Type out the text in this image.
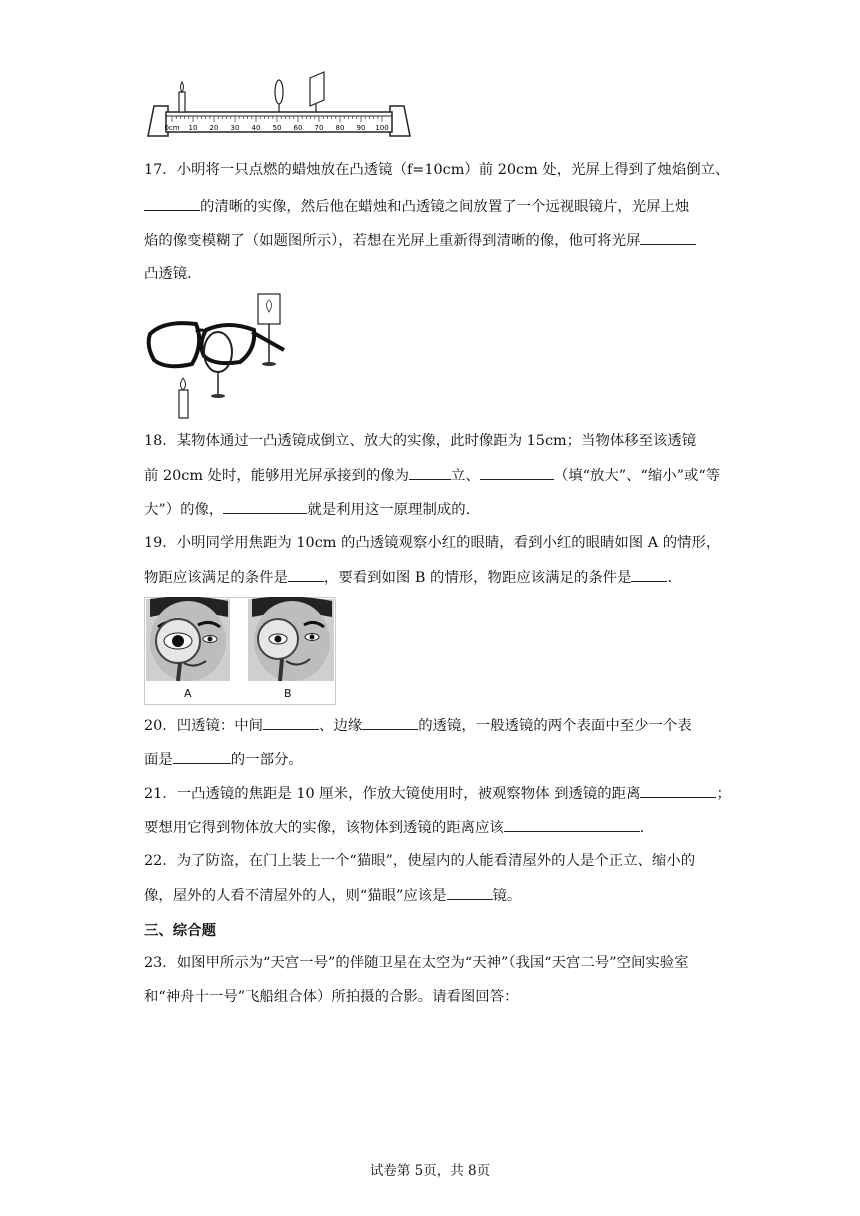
0cm 10 20 30 40 50 60 70 80 90 100
17．小明将一只点燃的蜡烛放在凸透镜（f=10cm）前 20cm 处，光屏上得到了烛焰倒立、
的清晰的实像，然后他在蜡烛和凸透镜之间放置了一个远视眼镜片，光屏上烛
焰的像变模糊了（如题图所示），若想在光屏上重新得到清晰的像，他可将光屏
凸透镜.
18．某物体通过一凸透镜成倒立、放大的实像，此时像距为 15cm；当物体移至该透镜
前 20cm 处时，能够用光屏承接到的像为	立、	（填“放大”、“缩小”或“等
大”）的像，	就是利用这一原理制成的.
19．小明同学用焦距为 10cm 的凸透镜观察小红的眼睛，看到小红的眼睛如图 A 的情形，
物距应该满足的条件是	，要看到如图 B 的情形，物距应该满足的条件是	.
A	B
20．凹透镜：中间	、边缘	的透镜，一般透镜的两个表面中至少一个表
面是	的一部分。
21．一凸透镜的焦距是 10 厘米，作放大镜使用时，被观察物体 到透镜的距离	；
要想用它得到物体放大的实像，该物体到透镜的距离应该	.
22．为了防盗，在门上装上一个“猫眼”，使屋内的人能看清屋外的人是个正立、缩小的
像，屋外的人看不清屋外的人，则“猫眼”应该是	镜。
三、综合题
23．如图甲所示为“天宫一号”的伴随卫星在太空为“天神”（我国“天宫二号”空间实验室
和“神舟十一号”飞船组合体）所拍摄的合影。请看图回答：
试卷第 5页，共 8页
